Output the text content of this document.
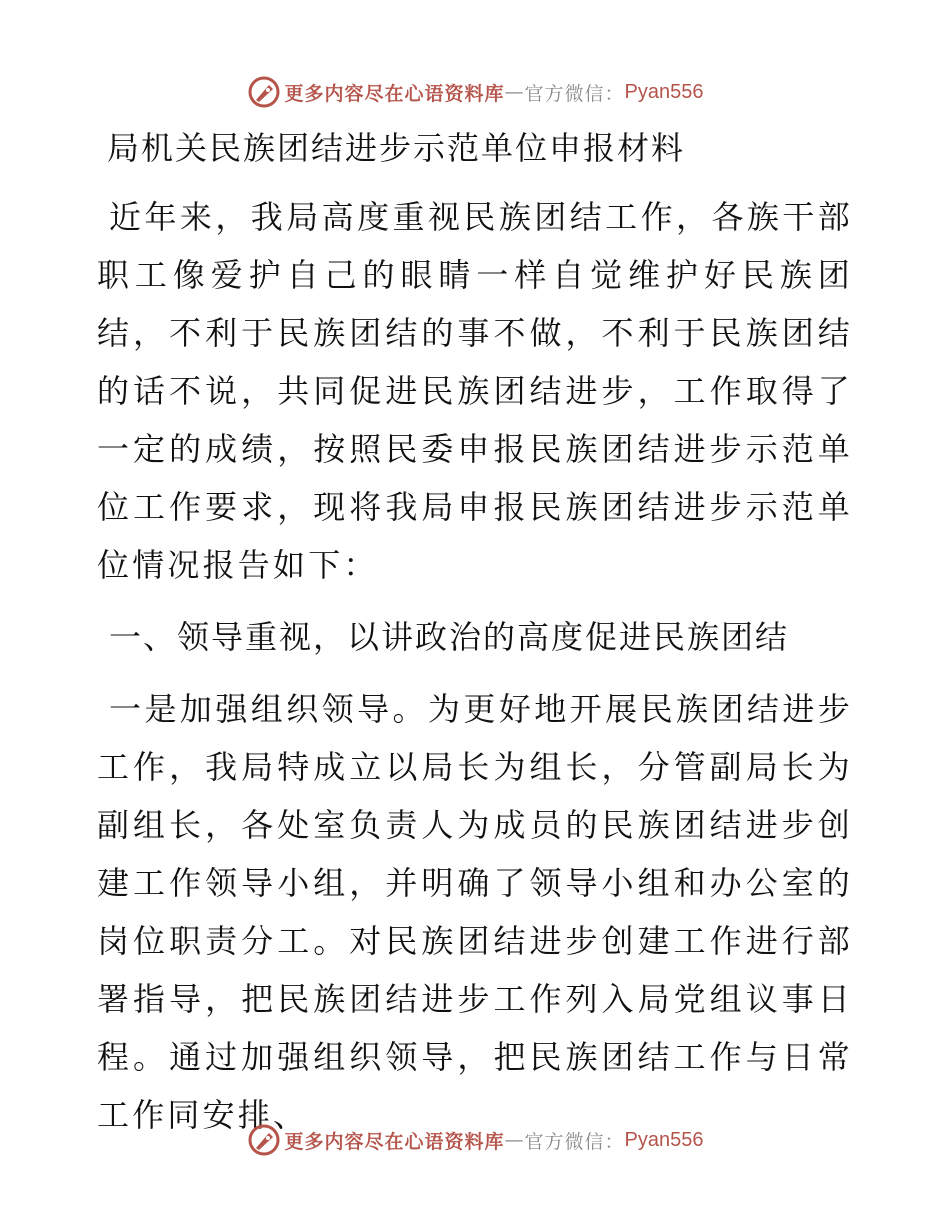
更多内容尽在心语资料库 — 官方微信： Pyan556
局机关民族团结进步示范单位申报材料

近年来，我局高度重视民族团结工作，各族干部职工像爱护自己的眼睛一样自觉维护好民族团结，不利于民族团结的事不做，不利于民族团结的话不说，共同促进民族团结进步，工作取得了一定的成绩，按照民委申报民族团结进步示范单位工作要求，现将我局申报民族团结进步示范单位情况报告如下：

一、领导重视，以讲政治的高度促进民族团结

一是加强组织领导。为更好地开展民族团结进步工作，我局特成立以局长为组长，分管副局长为副组长，各处室负责人为成员的民族团结进步创建工作领导小组，并明确了领导小组和办公室的岗位职责分工。对民族团结进步创建工作进行部署指导，把民族团结进步工作列入局党组议事日程。通过加强组织领导，把民族团结工作与日常工作同安排、

更多内容尽在心语资料库 — 官方微信： Pyan556
